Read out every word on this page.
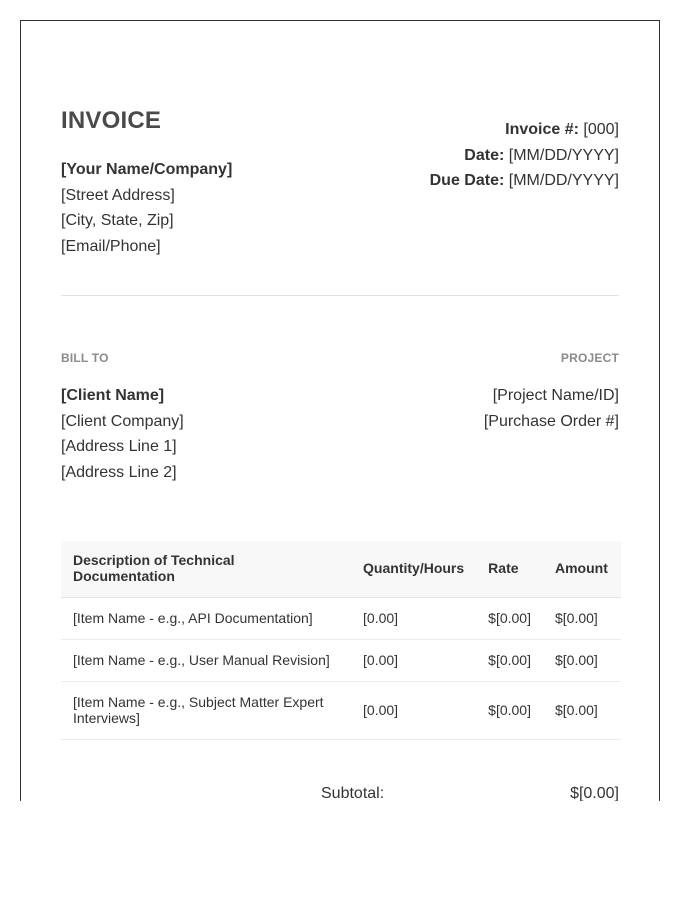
INVOICE
[Your Name/Company]
[Street Address]
[City, State, Zip]
[Email/Phone]
Invoice #: [000]
Date: [MM/DD/YYYY]
Due Date: [MM/DD/YYYY]
BILL TO	PROJECT
[Client Name]
[Client Company]
[Address Line 1]
[Address Line 2]
[Project Name/ID]
[Purchase Order #]
Description of Technical Documentation	Quantity/Hours	Rate	Amount
[Item Name - e.g., API Documentation]	[0.00]	$[0.00]	$[0.00]
[Item Name - e.g., User Manual Revision]	[0.00]	$[0.00]	$[0.00]
[Item Name - e.g., Subject Matter Expert Interviews]	[0.00]	$[0.00]	$[0.00]
Subtotal:	$[0.00]
